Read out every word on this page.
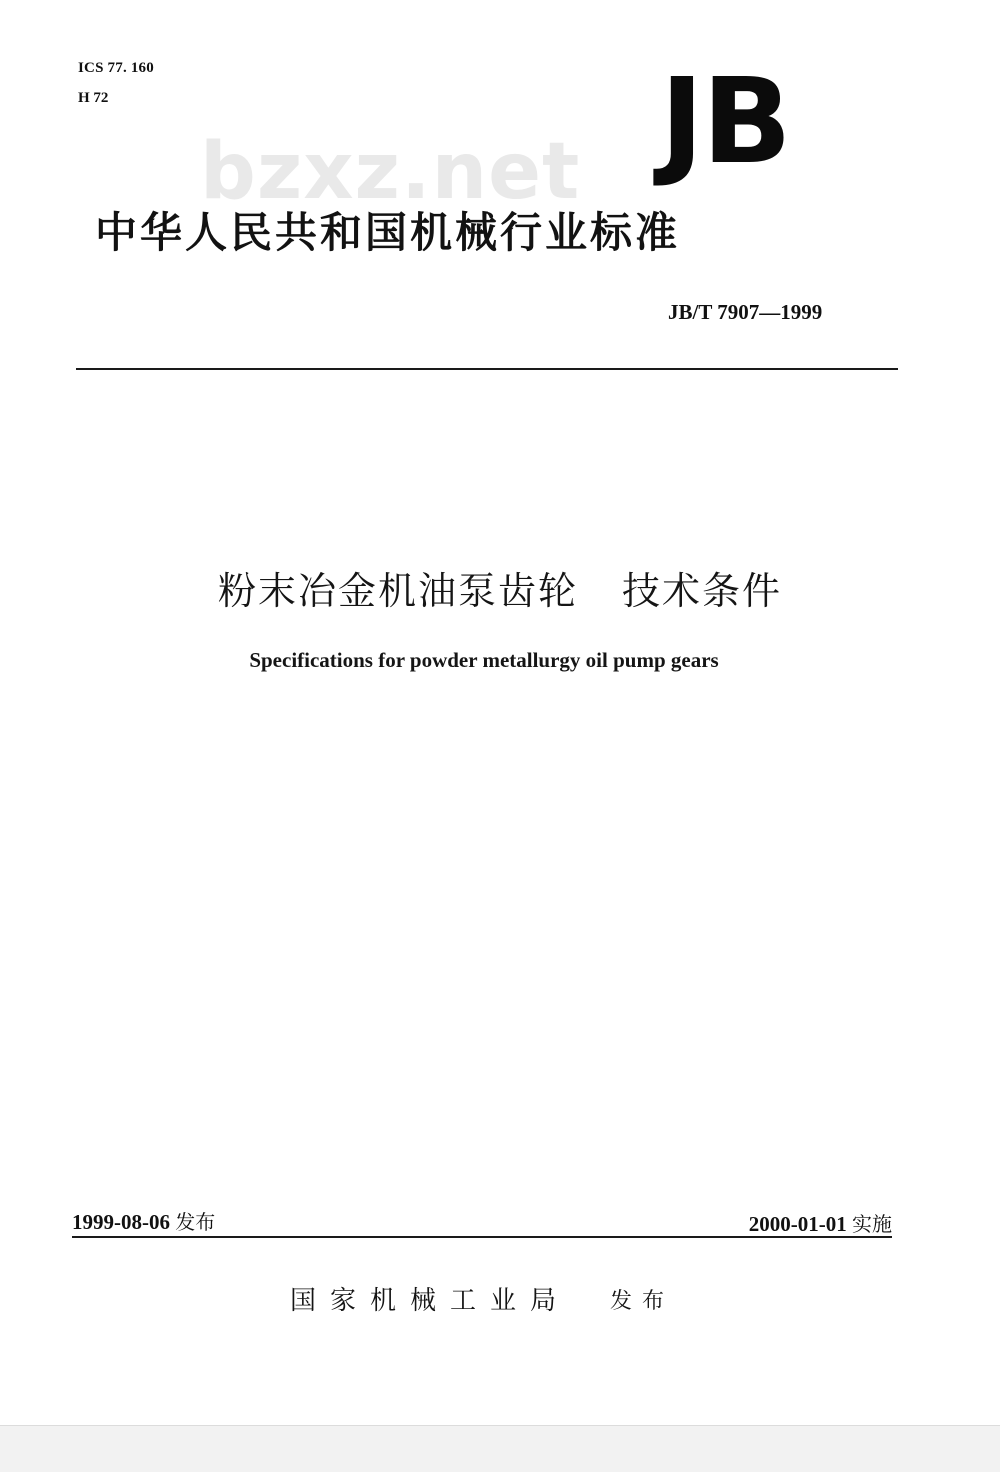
ICS 77. 160
H 72	JB
bzxz.net
中华人民共和国机械行业标准
JB/T 7907—1999
粉末冶金机油泵齿轮 技术条件
Specifications for powder metallurgy oil pump gears
1999-08-06 发布	2000-01-01 实施
国家机械工业局 发布
